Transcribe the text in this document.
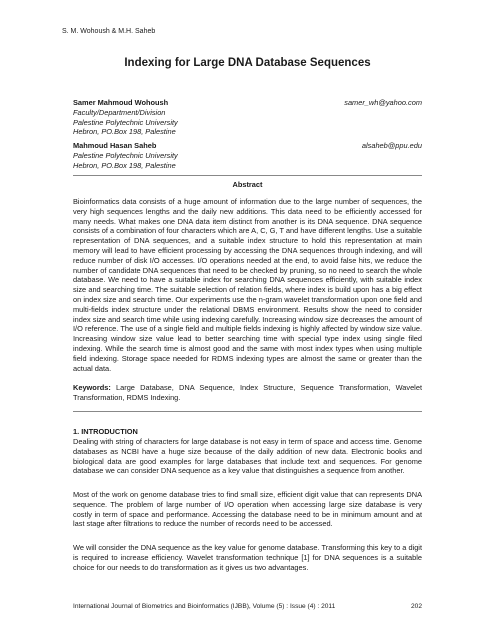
S. M. Wohoush & M.H. Saheb
Indexing for Large DNA Database Sequences
Samer Mahmoud Wohoush	samer_wh@yahoo.com
Faculty/Department/Division
Palestine Polytechnic University
Hebron, PO.Box 198, Palestine
Mahmoud Hasan Saheb	alsaheb@ppu.edu
Palestine Polytechnic University
Hebron, PO.Box 198, Palestine
Abstract

Bioinformatics data consists of a huge amount of information due to the large number of sequences, the very high sequences lengths and the daily new additions. This data need to be efficiently accessed for many needs. What makes one DNA data item distinct from another is its DNA sequence. DNA sequence consists of a combination of four characters which are A, C, G, T and have different lengths. Use a suitable representation of DNA sequences, and a suitable index structure to hold this representation at main memory will lead to have efficient processing by accessing the DNA sequences through indexing, and will reduce number of disk I/O accesses. I/O operations needed at the end, to avoid false hits, we reduce the number of candidate DNA sequences that need to be checked by pruning, so no need to search the whole database. We need to have a suitable index for searching DNA sequences efficiently, with suitable index size and searching time. The suitable selection of relation fields, where index is build upon has a big effect on index size and search time. Our experiments use the n-gram wavelet transformation upon one field and multi-fields index structure under the relational DBMS environment. Results show the need to consider index size and search time while using indexing carefully. Increasing window size decreases the amount of I/O reference. The use of a single field and multiple fields indexing is highly affected by window size value. Increasing window size value lead to better searching time with special type index using single filed indexing. While the search time is almost good and the same with most index types when using multiple field indexing. Storage space needed for RDMS indexing types are almost the same or greater than the actual data.

Keywords: Large Database, DNA Sequence, Index Structure, Sequence Transformation, Wavelet Transformation, RDMS Indexing.

1. INTRODUCTION

Dealing with string of characters for large database is not easy in term of space and access time. Genome databases as NCBI have a huge size because of the daily addition of new data. Electronic books and biological data are good examples for large databases that include text and sequences. For genome database we can consider DNA sequence as a key value that distinguishes a sequence from another.

Most of the work on genome database tries to find small size, efficient digit value that can represents DNA sequence. The problem of large number of I/O operation when accessing large size database is very costly in term of space and performance. Accessing the database need to be in minimum amount and at last stage after filtrations to reduce the number of records need to be accessed.

We will consider the DNA sequence as the key value for genome database. Transforming this key to a digit is required to increase efficiency. Wavelet transformation technique [1] for DNA sequences is a suitable choice for our needs to do transformation as it gives us two advantages.

International Journal of Biometrics and Bioinformatics (IJBB), Volume (5) : Issue (4) : 2011	202
